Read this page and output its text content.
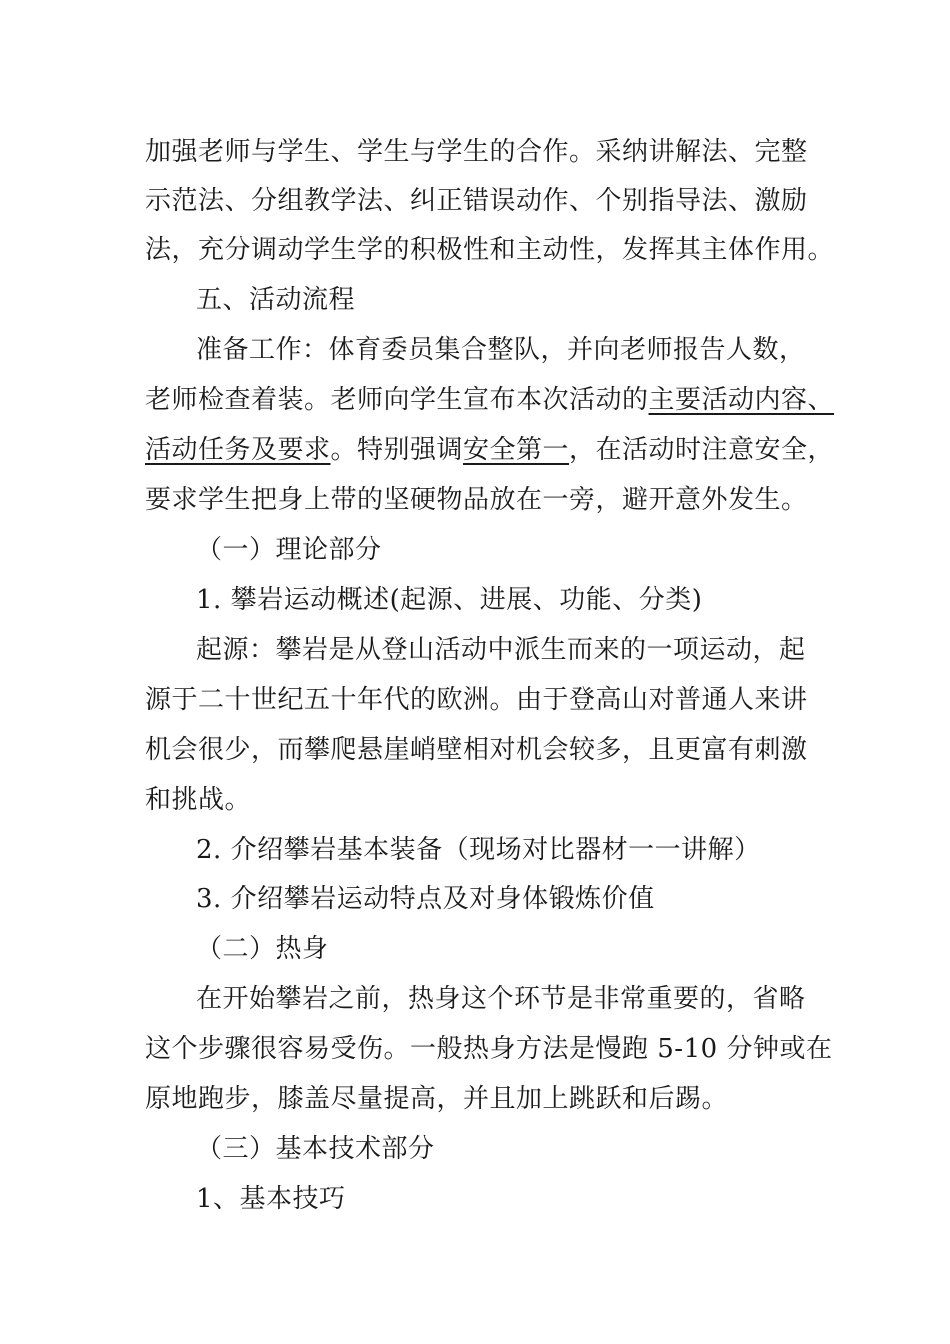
加强老师与学生、学生与学生的合作。采纳讲解法、完整
示范法、分组教学法、纠正错误动作、个别指导法、激励
法，充分调动学生学的积极性和主动性，发挥其主体作用。
五、活动流程
准备工作：体育委员集合整队，并向老师报告人数，
老师检查着装。老师向学生宣布本次活动的主要活动内容、
活动任务及要求。特别强调安全第一，在活动时注意安全，
要求学生把身上带的坚硬物品放在一旁，避开意外发生。
（一）理论部分
1. 攀岩运动概述(起源、进展、功能、分类)
起源：攀岩是从登山活动中派生而来的一项运动，起
源于二十世纪五十年代的欧洲。由于登高山对普通人来讲
机会很少，而攀爬悬崖峭壁相对机会较多，且更富有刺激
和挑战。
2. 介绍攀岩基本装备（现场对比器材一一讲解）
3. 介绍攀岩运动特点及对身体锻炼价值
（二）热身
在开始攀岩之前，热身这个环节是非常重要的，省略
这个步骤很容易受伤。一般热身方法是慢跑 5-10 分钟或在
原地跑步，膝盖尽量提高，并且加上跳跃和后踢。
（三）基本技术部分
1、基本技巧
